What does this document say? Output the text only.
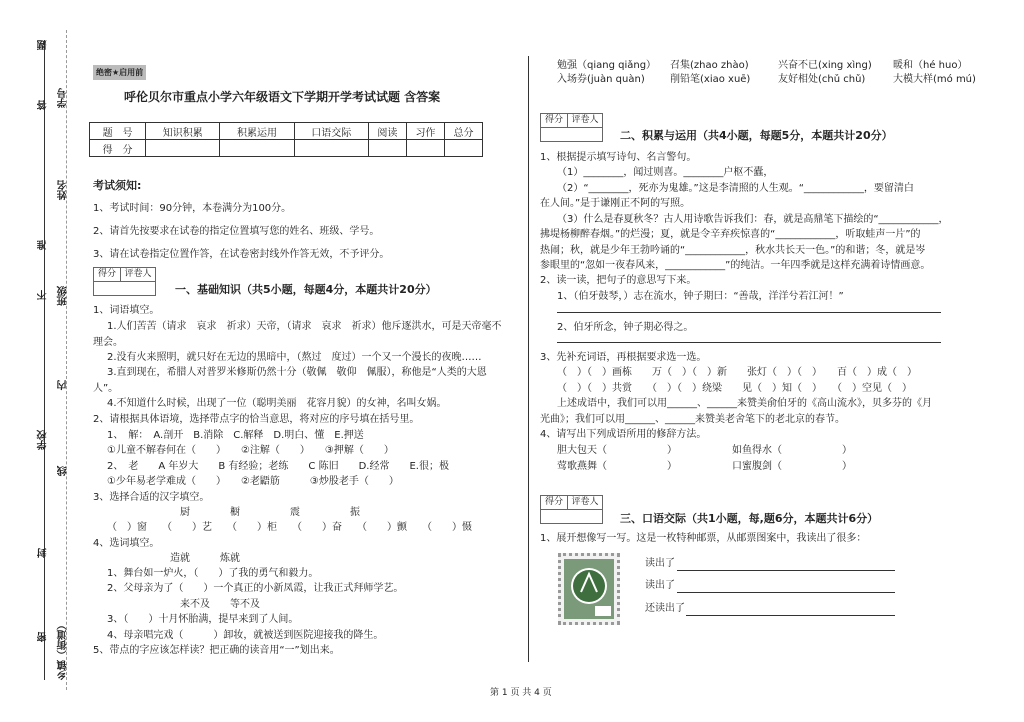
题
学号
答
姓名
准
班级
不
内
学校
线
封
乡镇（街道）
密
绝密★启用前
呼伦贝尔市重点小学六年级语文下学期开学考试试题 含答案
题　号	知识积累	积累运用	口语交际	阅读	习作	总分
得　分						
考试须知:
1、考试时间：90分钟，本卷满分为100分。
2、请首先按要求在试卷的指定位置填写您的姓名、班级、学号。
3、请在试卷指定位置作答，在试卷密封线外作答无效，不予评分。
得分 评卷人
一、基础知识（共5小题，每题4分，本题共计20分）
1、词语填空。
1.人们苦苦（请求　哀求　祈求）天帝，（请求　哀求　祈求）他斥逐洪水，可是天帝毫不
理会。
2.没有火来照明，就只好在无边的黑暗中，（熬过　度过）一个又一个漫长的夜晚……
3.直到现在，希腊人对普罗米修斯仍然十分（敬佩　敬仰　佩服），称他是“人类的大恩
人”。
4.不知道什么时候，出现了一位（聪明美丽　花容月貌）的女神，名叫女娲。
2、请根据具体语境，选择带点字的恰当意思，将对应的序号填在括号里。
1、　解：　A.剖开　B.消除　C.解释　D.明白、懂　E.押送
①儿童不解春何在（　　）　　②注解（　　）　　③押解（　　）
2、　老　　A 年岁大　　B 有经验；老练　　C 陈旧　　D.经常　　E.很；极
①少年易老学难成（　　）　　②老鼯筋　　　③炒股老手（　　）
3、选择合适的汉字填空。
厨　　　　橱　　　　　震　　　　　振
（　）窗　　（　　）艺　　（　　）柜　　（　　）奋　　（　　）颤　　（　　）慑
4、选词填空。
造就　　　炼就
1、舞台如一炉火，（　　）了我的勇气和毅力。
2、父母亲为了（　　）一个真正的小新凤霞，让我正式拜师学艺。
来不及　　等不及
3、（　　）十月怀胎满，提早来到了人间。
4、母亲唱完戏（　　　）卸妆，就被送到医院迎接我的降生。
5、带点的字应该怎样读？把正确的读音用“一”划出来。
勉强（qiang qiǎng） 召集(zhao zhào)	兴奋不已(xing xìng) 暖和（hé huo）
入场券(juàn quàn)	削铅笔(xiao xuē)	友好相处(chǔ chǔ)	大模大样(mó mú)
得分 评卷人
二、积累与运用（共4小题，每题5分，本题共计20分）
1、根据提示填写诗句、名言警句。
（1）________，闻过则喜。________户枢不蠹，
（2）“________，死亦为鬼雄。”这是李清照的人生观。“____________，要留清白
在人间。”是于谦刚正不阿的写照。
（3）什么是春夏秋冬？古人用诗歌告诉我们：春，就是高鼎笔下描绘的“____________，
拂堤杨柳醉春烟。”的烂漫；夏，就是令辛弃疾惊喜的“____________，听取蛙声一片”的
热闹；秋，就是少年王勃吟诵的“____________，秋水共长天一色。”的和谐；冬，就是岑
参眼里的“忽如一夜春风来，____________”的纯洁。一年四季就是这样充满着诗情画意。
2、读一读，把句子的意思写下来。
1、（伯牙鼓琴，）志在流水，钟子期曰：“善哉，洋洋兮若江河！”
2、伯牙所念，钟子期必得之。
3、先补充词语，再根据要求选一选。
（　）（　）画栋　　万（　）（　）新　　张灯（　）（　）　　百（　）成（　）
（　）（　）共赏　　（　）（　）绕梁　　见（　）知（　）　　（　）空见（　）
上述成语中，我们可以用______、______来赞美俞伯牙的《高山流水》，贝多芬的《月
光曲》；我们可以用______、______来赞美老舍笔下的老北京的春节。
4、请写出下列成语所用的修辞方法。
胆大包天（　　　　　　）　　　　　　如鱼得水（　　　　　　）
莺歌燕舞（　　　　　　）　　　　　　口蜜腹剑（　　　　　　）
得分 评卷人
三、口语交际（共1小题，每,题6分，本题共计6分）
1、展开想像写一写。这是一枚特种邮票，从邮票图案中，我读出了很多：
读出了
读出了
还读出了
第 1 页 共 4 页
